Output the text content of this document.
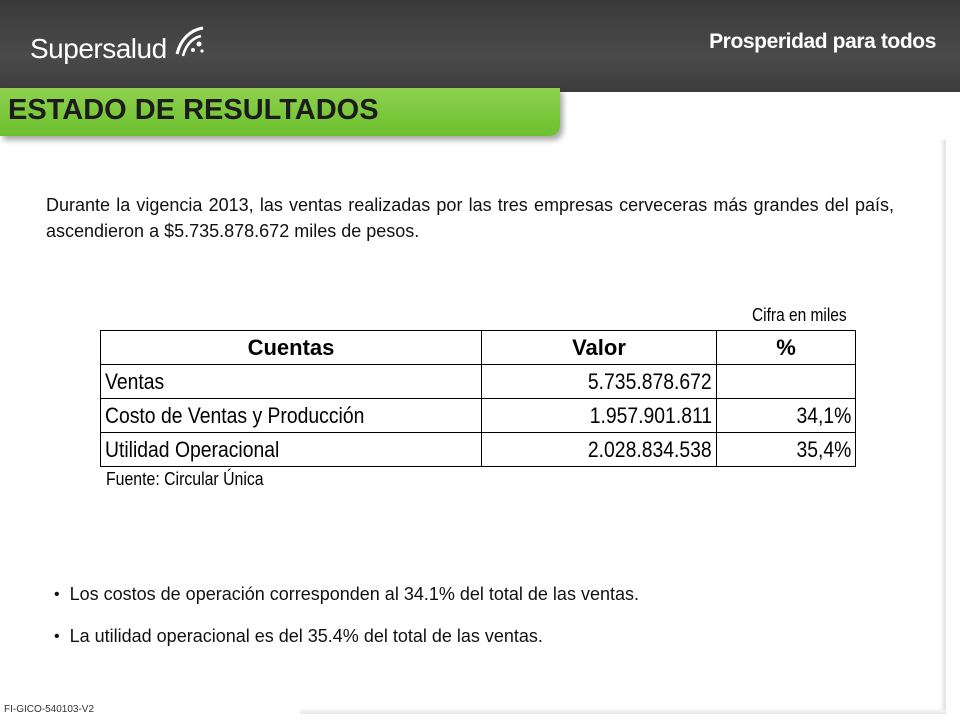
Supersalud	Prosperidad para todos
ESTADO DE RESULTADOS
Durante la vigencia 2013, las ventas realizadas por las tres empresas cerveceras más grandes del país, ascendieron a $5.735.878.672 miles de pesos.
Cifra en miles
Cuentas	Valor	%
Ventas	5.735.878.672	
Costo de Ventas y Producción	1.957.901.811	34,1%
Utilidad Operacional	2.028.834.538	35,4%
Fuente: Circular Única
• Los costos de operación corresponden al 34.1% del total de las ventas.
• La utilidad operacional es del 35.4% del total de las ventas.
FI-GICO-540103-V2
